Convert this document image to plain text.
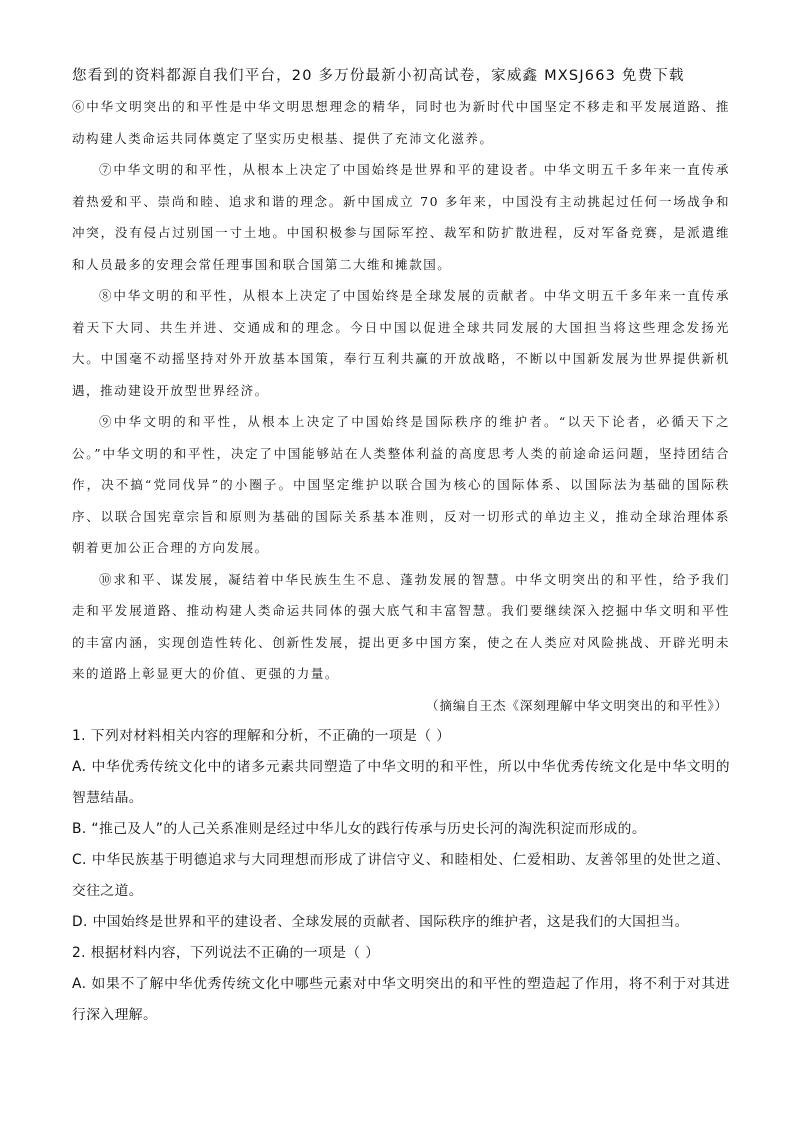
您看到的资料都源自我们平台，20 多万份最新小初高试卷，家威鑫 MXSJ663 免费下载

⑥中华文明突出的和平性是中华文明思想理念的精华，同时也为新时代中国坚定不移走和平发展道路、推动构建人类命运共同体奠定了坚实历史根基、提供了充沛文化滋养。

⑦中华文明的和平性，从根本上决定了中国始终是世界和平的建设者。中华文明五千多年来一直传承着热爱和平、崇尚和睦、追求和谐的理念。新中国成立 70 多年来，中国没有主动挑起过任何一场战争和冲突，没有侵占过别国一寸土地。中国积极参与国际军控、裁军和防扩散进程，反对军备竞赛，是派遣维和人员最多的安理会常任理事国和联合国第二大维和摊款国。

⑧中华文明的和平性，从根本上决定了中国始终是全球发展的贡献者。中华文明五千多年来一直传承着天下大同、共生并进、交通成和的理念。今日中国以促进全球共同发展的大国担当将这些理念发扬光大。中国毫不动摇坚持对外开放基本国策，奉行互利共赢的开放战略，不断以中国新发展为世界提供新机遇，推动建设开放型世界经济。

⑨中华文明的和平性，从根本上决定了中国始终是国际秩序的维护者。“以天下论者，必循天下之公。”中华文明的和平性，决定了中国能够站在人类整体利益的高度思考人类的前途命运问题，坚持团结合作，决不搞“党同伐异”的小圈子。中国坚定维护以联合国为核心的国际体系、以国际法为基础的国际秩序、以联合国宪章宗旨和原则为基础的国际关系基本准则，反对一切形式的单边主义，推动全球治理体系朝着更加公正合理的方向发展。

⑩求和平、谋发展，凝结着中华民族生生不息、蓬勃发展的智慧。中华文明突出的和平性，给予我们走和平发展道路、推动构建人类命运共同体的强大底气和丰富智慧。我们要继续深入挖掘中华文明和平性的丰富内涵，实现创造性转化、创新性发展，提出更多中国方案，使之在人类应对风险挑战、开辟光明未来的道路上彰显更大的价值、更强的力量。

（摘编自王杰《深刻理解中华文明突出的和平性》）

1. 下列对材料相关内容的理解和分析，不正确的一项是（ ）

A. 中华优秀传统文化中的诸多元素共同塑造了中华文明的和平性，所以中华优秀传统文化是中华文明的智慧结晶。

B. “推己及人”的人己关系准则是经过中华儿女的践行传承与历史长河的淘洗积淀而形成的。

C. 中华民族基于明德追求与大同理想而形成了讲信守义、和睦相处、仁爱相助、友善邻里的处世之道、交往之道。

D. 中国始终是世界和平的建设者、全球发展的贡献者、国际秩序的维护者，这是我们的大国担当。

2. 根据材料内容，下列说法不正确的一项是（ ）

A. 如果不了解中华优秀传统文化中哪些元素对中华文明突出的和平性的塑造起了作用，将不利于对其进行深入理解。
